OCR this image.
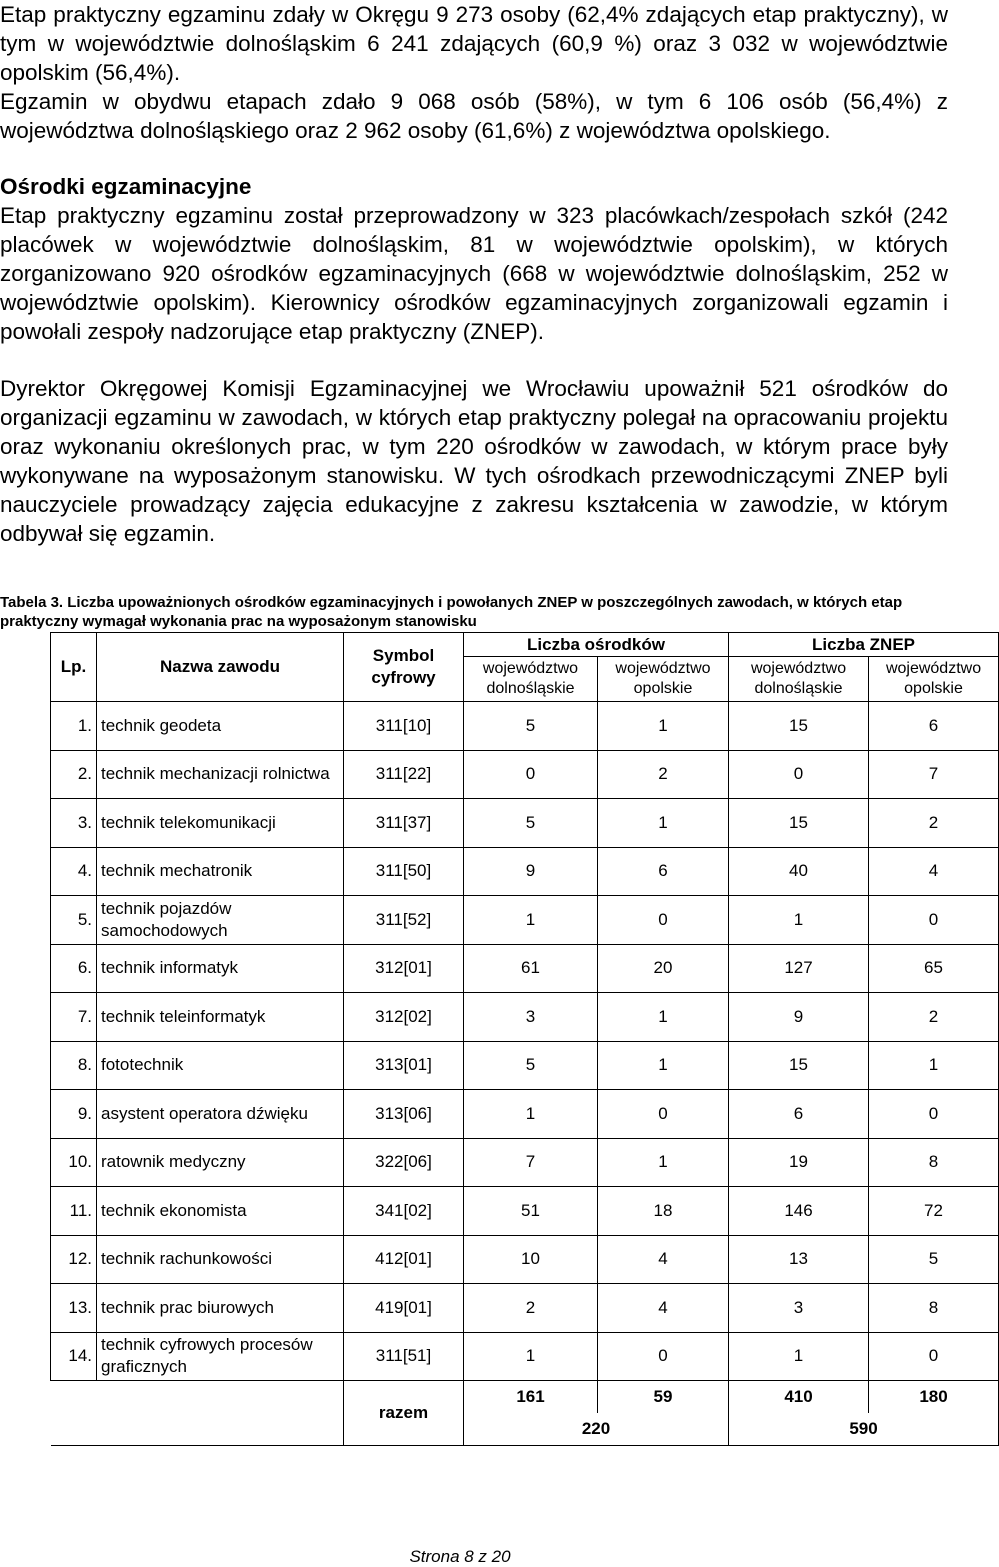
Etap praktyczny egzaminu zdały w Okręgu 9 273 osoby (62,4% zdających etap praktyczny), w tym w województwie dolnośląskim 6 241 zdających (60,9 %) oraz 3 032 w województwie opolskim (56,4%).

Egzamin w obydwu etapach zdało 9 068 osób (58%), w tym 6 106 osób (56,4%) z województwa dolnośląskiego oraz 2 962 osoby (61,6%) z województwa opolskiego.

Ośrodki egzaminacyjne

Etap praktyczny egzaminu został przeprowadzony w 323 placówkach/zespołach szkół (242 placówek w województwie dolnośląskim, 81 w województwie opolskim), w których zorganizowano 920 ośrodków egzaminacyjnych (668 w województwie dolnośląskim, 252 w województwie opolskim). Kierownicy ośrodków egzaminacyjnych zorganizowali egzamin i powołali zespoły nadzorujące etap praktyczny (ZNEP).

Dyrektor Okręgowej Komisji Egzaminacyjnej we Wrocławiu upoważnił 521 ośrodków do organizacji egzaminu w zawodach, w których etap praktyczny polegał na opracowaniu projektu oraz wykonaniu określonych prac, w tym 220 ośrodków w zawodach, w którym prace były wykonywane na wyposażonym stanowisku. W tych ośrodkach przewodniczącymi ZNEP byli nauczyciele prowadzący zajęcia edukacyjne z zakresu kształcenia w zawodzie, w którym odbywał się egzamin.

Tabela 3. Liczba upoważnionych ośrodków egzaminacyjnych i powołanych ZNEP w poszczególnych zawodach, w których etap praktyczny wymagał wykonania prac na wyposażonym stanowisku

Lp.	Nazwa zawodu	Symbol cyfrowy	Liczba ośrodków		Liczba ZNEP	
			województwo dolnośląskie	województwo opolskie	województwo dolnośląskie	województwo opolskie
1.	technik geodeta	311[10]	5	1	15	6
2.	technik mechanizacji rolnictwa	311[22]	0	2	0	7
3.	technik telekomunikacji	311[37]	5	1	15	2
4.	technik mechatronik	311[50]	9	6	40	4
5.	technik pojazdów samochodowych	311[52]	1	0	1	0
6.	technik informatyk	312[01]	61	20	127	65
7.	technik teleinformatyk	312[02]	3	1	9	2
8.	fototechnik	313[01]	5	1	15	1
9.	asystent operatora dźwięku	313[06]	1	0	6	0
10.	ratownik medyczny	322[06]	7	1	19	8
11.	technik ekonomista	341[02]	51	18	146	72
12.	technik rachunkowości	412[01]	10	4	13	5
13.	technik prac biurowych	419[01]	2	4	3	8
14.	technik cyfrowych procesów graficznych	311[51]	1	0	1	0
		razem	161	59	410	180
			220		590	
Strona 8 z 20
